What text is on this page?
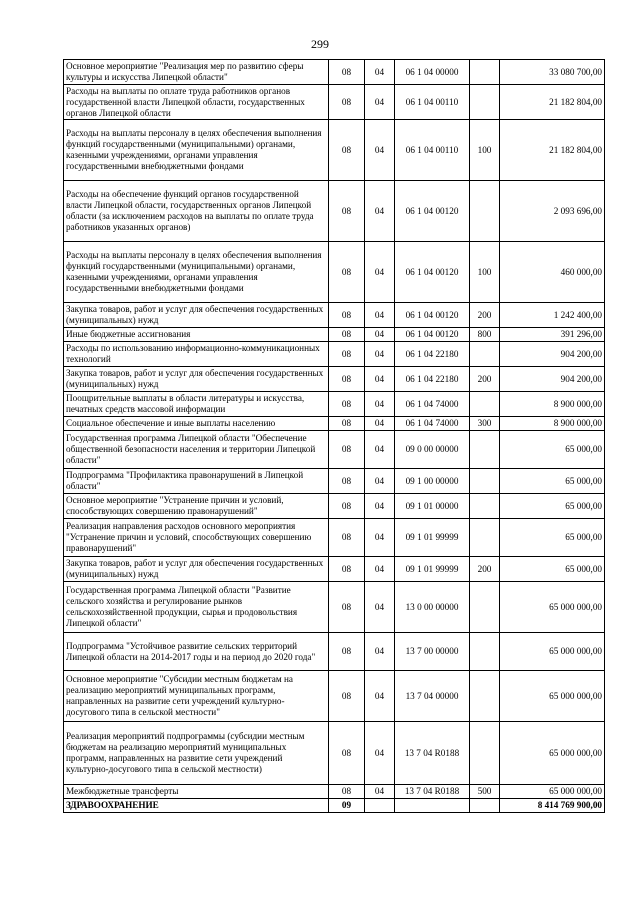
299
Основное мероприятие "Реализация мер по развитию сферы культуры и искусства Липецкой области"	08	04	06 1 04 00000		33 080 700,00
Расходы на выплаты по оплате труда работников органов государственной власти Липецкой области, государственных органов Липецкой области	08	04	06 1 04 00110		21 182 804,00
Расходы на выплаты персоналу в целях обеспечения выполнения функций государственными (муниципальными) органами, казенными учреждениями, органами управления государственными внебюджетными фондами	08	04	06 1 04 00110	100	21 182 804,00
Расходы на обеспечение функций органов государственной власти Липецкой области, государственных органов Липецкой области (за исключением расходов на выплаты по оплате труда работников указанных органов)	08	04	06 1 04 00120		2 093 696,00
Расходы на выплаты персоналу в целях обеспечения выполнения функций государственными (муниципальными) органами, казенными учреждениями, органами управления государственными внебюджетными фондами	08	04	06 1 04 00120	100	460 000,00
Закупка товаров, работ и услуг для обеспечения государственных (муниципальных) нужд	08	04	06 1 04 00120	200	1 242 400,00
Иные бюджетные ассигнования	08	04	06 1 04 00120	800	391 296,00
Расходы по использованию информационно-коммуникационных технологий	08	04	06 1 04 22180		904 200,00
Закупка товаров, работ и услуг для обеспечения государственных (муниципальных) нужд	08	04	06 1 04 22180	200	904 200,00
Поощрительные выплаты в области литературы и искусства, печатных средств массовой информации	08	04	06 1 04 74000		8 900 000,00
Социальное обеспечение и иные выплаты населению	08	04	06 1 04 74000	300	8 900 000,00
Государственная программа Липецкой области "Обеспечение общественной безопасности населения и территории Липецкой области"	08	04	09 0 00 00000		65 000,00
Подпрограмма "Профилактика правонарушений в Липецкой области"	08	04	09 1 00 00000		65 000,00
Основное мероприятие "Устранение причин и условий, способствующих совершению правонарушений"	08	04	09 1 01 00000		65 000,00
Реализация направления расходов основного мероприятия "Устранение причин и условий, способствующих совершению правонарушений"	08	04	09 1 01 99999		65 000,00
Закупка товаров, работ и услуг для обеспечения государственных (муниципальных) нужд	08	04	09 1 01 99999	200	65 000,00
Государственная программа Липецкой области "Развитие сельского хозяйства и регулирование рынков сельскохозяйственной продукции, сырья и продовольствия Липецкой области"	08	04	13 0 00 00000		65 000 000,00
Подпрограмма "Устойчивое развитие сельских территорий Липецкой области на 2014-2017 годы и на период до 2020 года"	08	04	13 7 00 00000		65 000 000,00
Основное мероприятие "Субсидии местным бюджетам на реализацию мероприятий муниципальных программ, направленных на развитие сети учреждений культурно-досугового типа в сельской местности"	08	04	13 7 04 00000		65 000 000,00
Реализация мероприятий подпрограммы (субсидии местным бюджетам на реализацию мероприятий муниципальных программ, направленных на развитие сети учреждений культурно-досугового типа в сельской местности)	08	04	13 7 04 R0188		65 000 000,00
Межбюджетные трансферты	08	04	13 7 04 R0188	500	65 000 000,00
ЗДРАВООХРАНЕНИЕ	09				8 414 769 900,00
